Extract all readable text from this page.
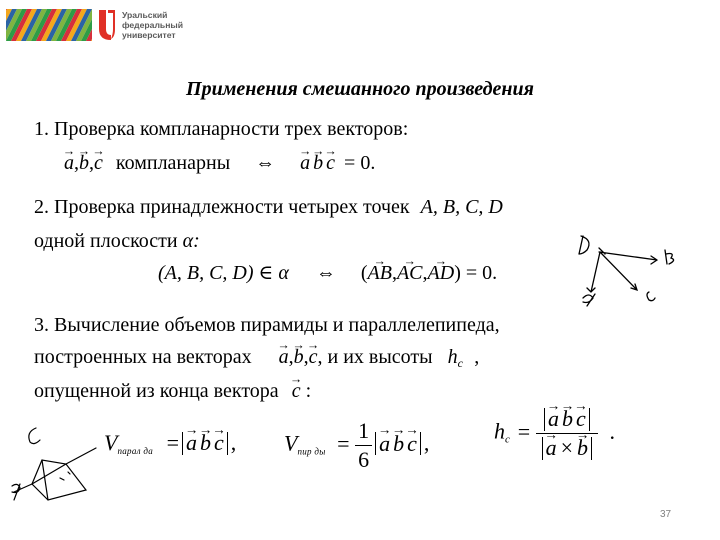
Уральский
федеральный
университет
Применения смешанного произведения
1. Проверка компланарности трех векторов:
→ a,→ b,→ c компланарны ⇔ → a→ b→ c = 0.
2. Проверка принадлежности четырех точек A, B, C, D
одной плоскости α:
(A, B, C, D) ∈ α ⇔ (→ AB,→ AC,→ AD) = 0.
3. Вычисление объемов пирамиды и параллелепипеда,
построенных на векторах → a,→ b,→ c, и их высоты $h_c$ ,
опущенной из конца вектора → c :
$V_{парал да} =\to a\to b\to c$ , $V_{пир ды} = \frac{1}{6}$
→ a→ b→ c ,	$h_c$ =
→ a→ b→ c
→ a ×→ b .
37
